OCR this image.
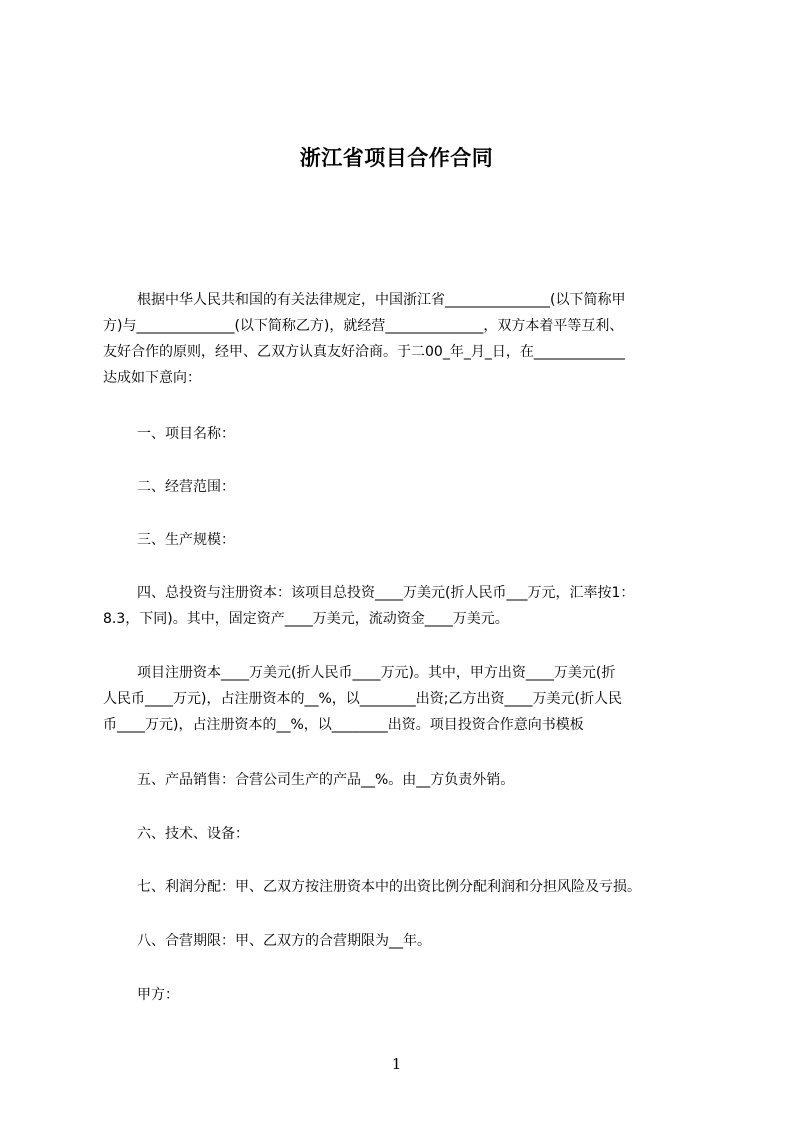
浙江省项目合作合同
根据中华人民共和国的有关法律规定，中国浙江省_______________(以下简称甲
方)与______________(以下简称乙方)，就经营______________，双方本着平等互利、
友好合作的原则，经甲、乙双方认真友好洽商。于二00_年_月_日，在_____________
达成如下意向：

一、项目名称：

二、经营范围：

三、生产规模：

四、总投资与注册资本：该项目总投资____万美元(折人民币___万元，汇率按1：
8.3，下同)。其中，固定资产____万美元，流动资金____万美元。
项目注册资本____万美元(折人民币____万元)。其中，甲方出资____万美元(折
人民币____万元)，占注册资本的__%，以________出资;乙方出资____万美元(折人民
币____万元)，占注册资本的__%，以________出资。项目投资合作意向书模板

五、产品销售：合营公司生产的产品__%。由__方负责外销。

六、技术、设备：

七、利润分配：甲、乙双方按注册资本中的出资比例分配利润和分担风险及亏损。

八、合营期限：甲、乙双方的合营期限为__年。

甲方：

1
